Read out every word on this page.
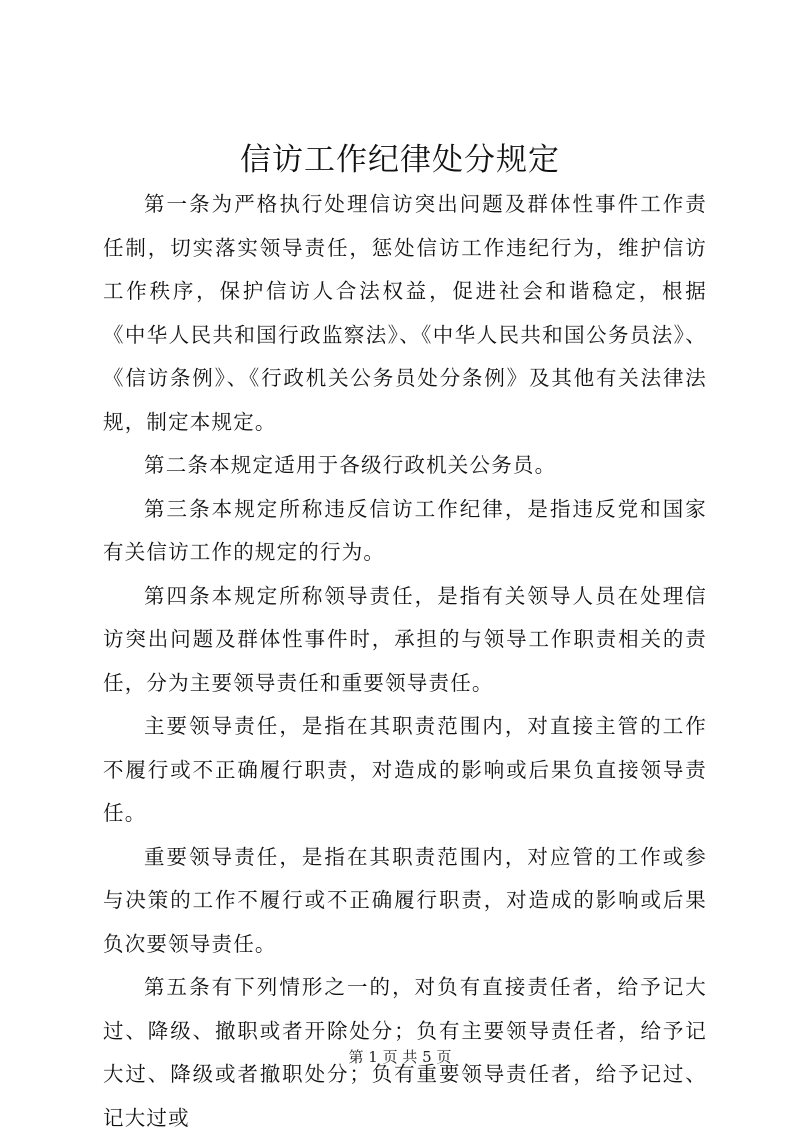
信访工作纪律处分规定

第一条为严格执行处理信访突出问题及群体性事件工作责任制，切实落实领导责任，惩处信访工作违纪行为，维护信访工作秩序，保护信访人合法权益，促进社会和谐稳定，根据《中华人民共和国行政监察法》、《中华人民共和国公务员法》、《信访条例》、《行政机关公务员处分条例》及其他有关法律法规，制定本规定。

第二条本规定适用于各级行政机关公务员。

第三条本规定所称违反信访工作纪律，是指违反党和国家有关信访工作的规定的行为。

第四条本规定所称领导责任，是指有关领导人员在处理信访突出问题及群体性事件时，承担的与领导工作职责相关的责任，分为主要领导责任和重要领导责任。

主要领导责任，是指在其职责范围内，对直接主管的工作不履行或不正确履行职责，对造成的影响或后果负直接领导责任。

重要领导责任，是指在其职责范围内，对应管的工作或参与决策的工作不履行或不正确履行职责，对造成的影响或后果负次要领导责任。

第五条有下列情形之一的，对负有直接责任者，给予记大过、降级、撤职或者开除处分；负有主要领导责任者，给予记大过、降级或者撤职处分；负有重要领导责任者，给予记过、记大过或

第 1 页 共 5 页
